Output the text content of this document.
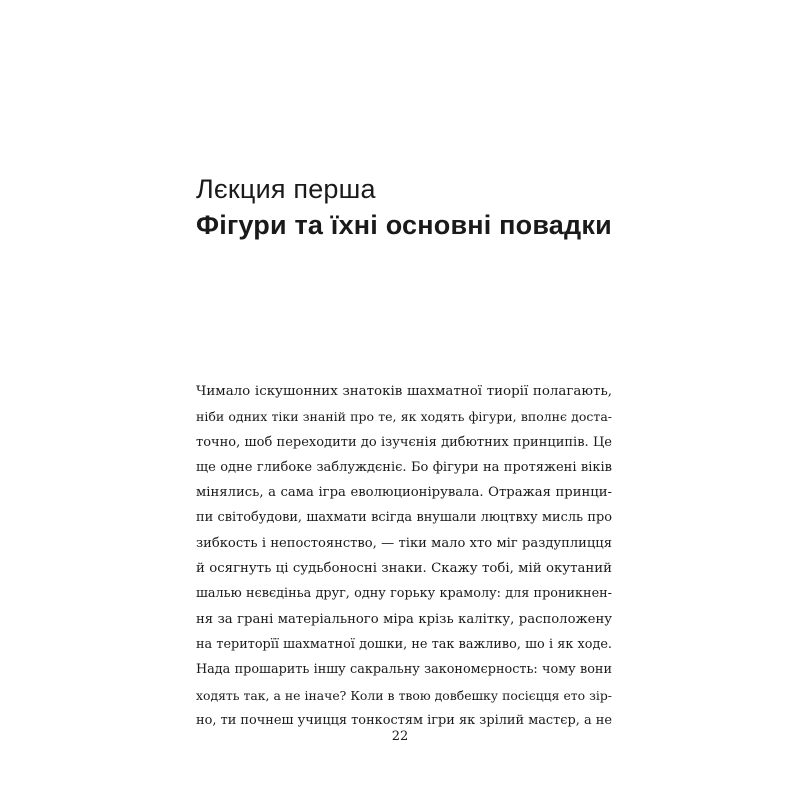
Лєкция перша
Фігури та їхні основні повадки
Чимало іскушонних знатоків шахматної тиорії полагають,
ніби одних тіки знаній про те, як ходять фігури, вполнє доста-
точно, шоб переходити до ізучєнія дибютних принципів. Це
ще одне глибоке заблуждєніє. Бо фігури на протяжені віків
мінялись, а сама ігра еволюционірувала. Отражая принци-
пи світобудови, шахмати всігда внушали люцтвху мисль про
зибкость і непостоянство, — тіки мало хто міг раздуплицця
й осягнуть ці судьбоносні знаки. Скажу тобі, мій окутаний
шалью нєвєдіньа друг, одну горьку крамолу: для проникнен-
ня за грані матеріального міра крізь калітку, расположену
на територїї шахматної дошки, не так важливо, шо і як ходе.
Нада прошарить іншу сакральну закономєрность: чому вони
ходять так, а не іначе? Коли в твою довбешку посієцця ето зір-
но, ти почнеш учицця тонкостям ігри як зрілий мастєр, а не
22
